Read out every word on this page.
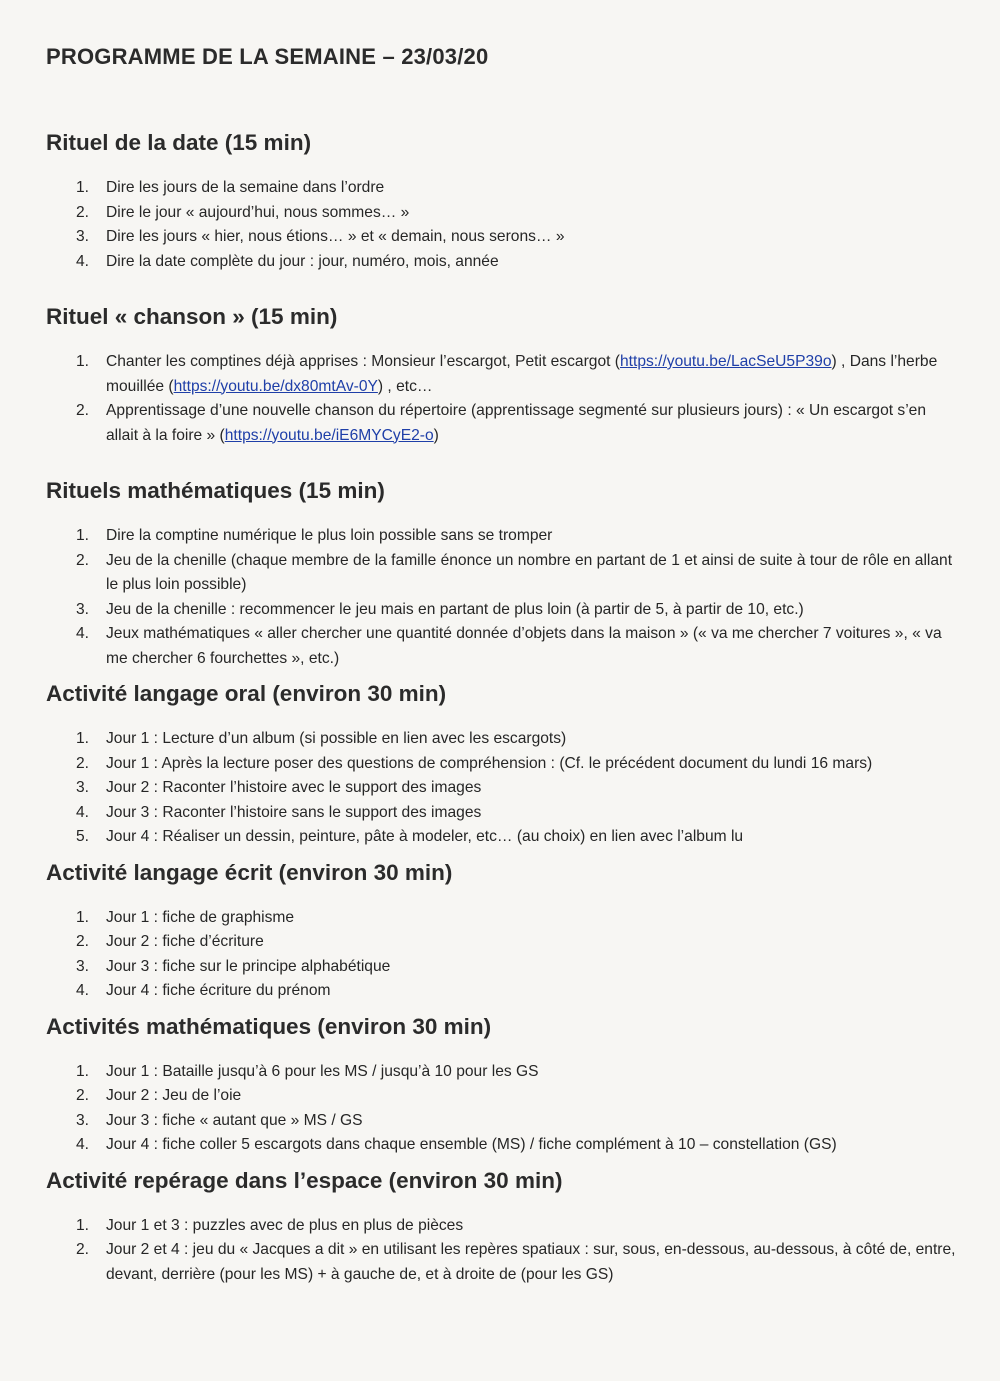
PROGRAMME DE LA SEMAINE – 23/03/20
Rituel de la date (15 min)
1. Dire les jours de la semaine dans l’ordre
2. Dire le jour « aujourd’hui, nous sommes… »
3. Dire les jours « hier, nous étions… » et « demain, nous serons… »
4. Dire la date complète du jour : jour, numéro, mois, année
Rituel « chanson » (15 min)
1. Chanter les comptines déjà apprises : Monsieur l’escargot, Petit escargot (https://youtu.be/LacSeU5P39o) , Dans l’herbe mouillée (https://youtu.be/dx80mtAv-0Y) , etc…
2. Apprentissage d’une nouvelle chanson du répertoire (apprentissage segmenté sur plusieurs jours) : « Un escargot s’en allait à la foire » (https://youtu.be/iE6MYCyE2-o)
Rituels mathématiques (15 min)
1. Dire la comptine numérique le plus loin possible sans se tromper
2. Jeu de la chenille (chaque membre de la famille énonce un nombre en partant de 1 et ainsi de suite à tour de rôle en allant le plus loin possible)
3. Jeu de la chenille : recommencer le jeu mais en partant de plus loin (à partir de 5, à partir de 10, etc.)
4. Jeux mathématiques « aller chercher une quantité donnée d’objets dans la maison » (« va me chercher 7 voitures », « va me chercher 6 fourchettes », etc.)
Activité langage oral (environ 30 min)
1. Jour 1 : Lecture d’un album (si possible en lien avec les escargots)
2. Jour 1 : Après la lecture poser des questions de compréhension : (Cf. le précédent document du lundi 16 mars)
3. Jour 2 : Raconter l’histoire avec le support des images
4. Jour 3 : Raconter l’histoire sans le support des images
5. Jour 4 : Réaliser un dessin, peinture, pâte à modeler, etc… (au choix) en lien avec l’album lu
Activité langage écrit (environ 30 min)
1. Jour 1 : fiche de graphisme
2. Jour 2 : fiche d’écriture
3. Jour 3 : fiche sur le principe alphabétique
4. Jour 4 : fiche écriture du prénom
Activités mathématiques (environ 30 min)
1. Jour 1 : Bataille jusqu’à 6 pour les MS / jusqu’à 10 pour les GS
2. Jour 2 : Jeu de l’oie
3. Jour 3 : fiche « autant que » MS / GS
4. Jour 4 : fiche coller 5 escargots dans chaque ensemble (MS) / fiche complément à 10 – constellation (GS)
Activité repérage dans l’espace (environ 30 min)
1. Jour 1 et 3 : puzzles avec de plus en plus de pièces
2. Jour 2 et 4 : jeu du « Jacques a dit » en utilisant les repères spatiaux : sur, sous, en-dessous, au-dessous, à côté de, entre, devant, derrière (pour les MS) + à gauche de, et à droite de (pour les GS)
